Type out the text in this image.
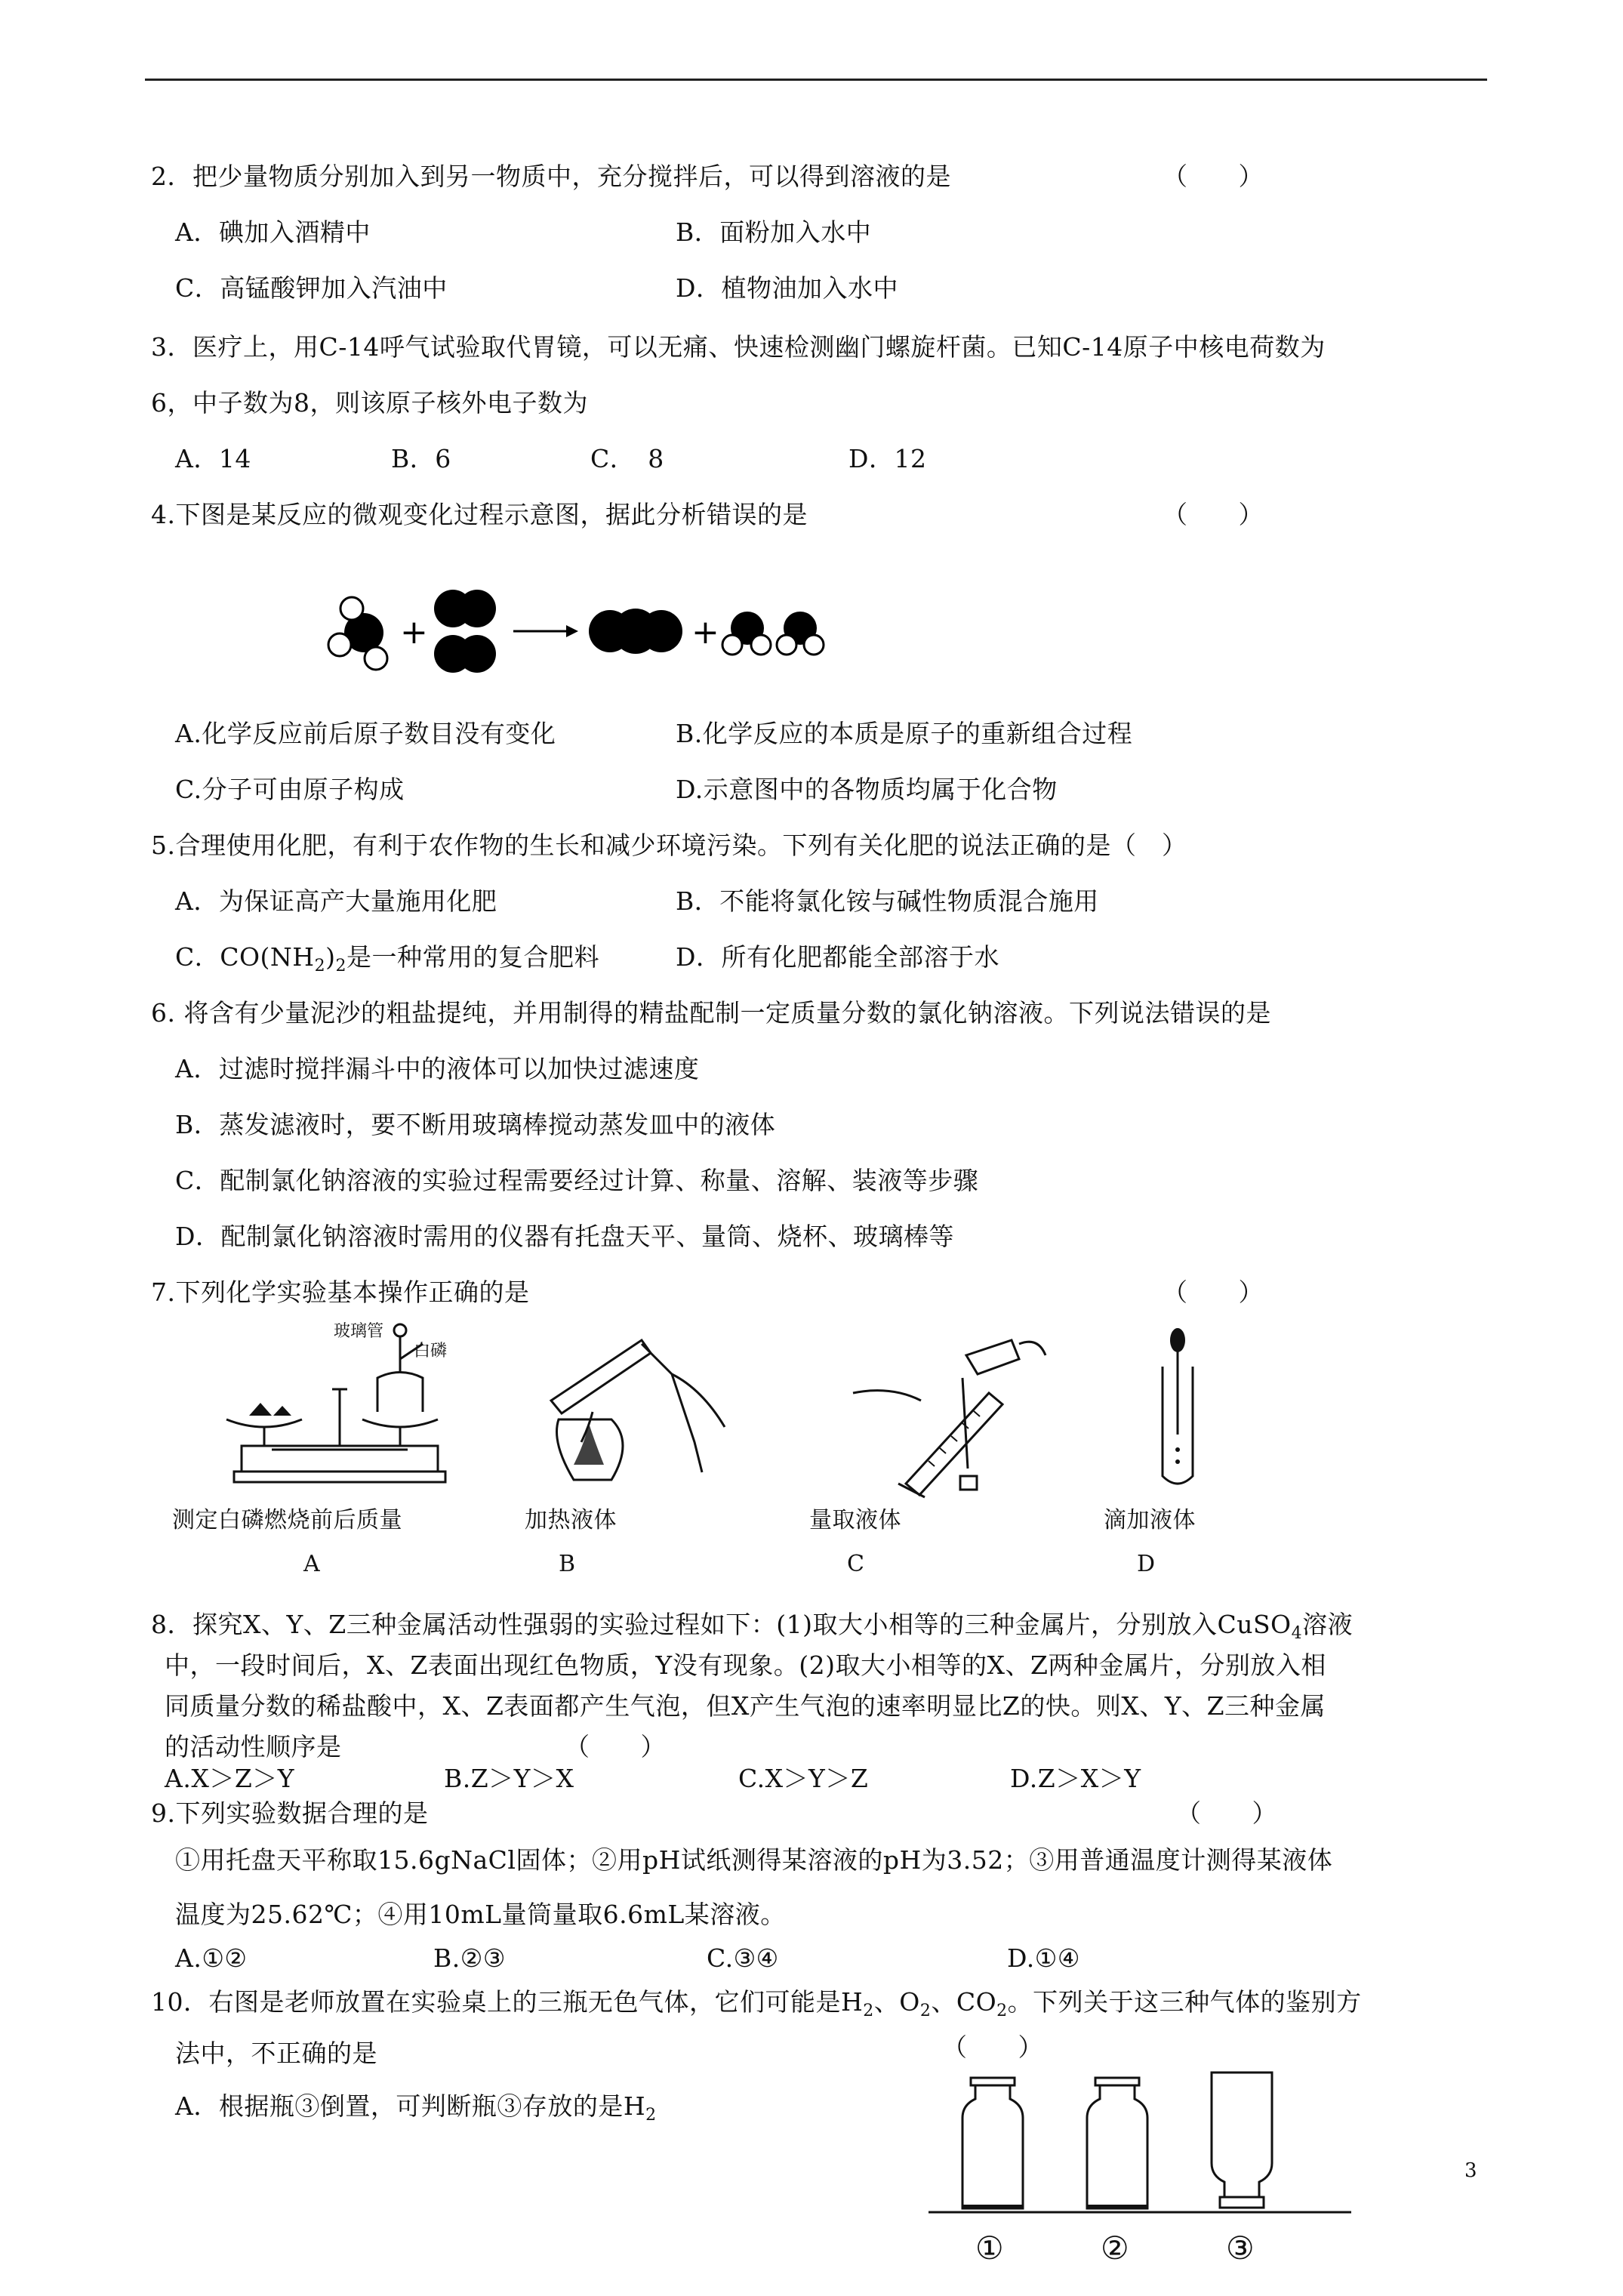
2．把少量物质分别加入到另一物质中，充分搅拌后，可以得到溶液的是	（　　）
A．碘加入酒精中	B．面粉加入水中
C．高锰酸钾加入汽油中	D．植物油加入水中
3．医疗上，用C-14呼气试验取代胃镜，可以无痛、快速检测幽门螺旋杆菌。已知C-14原子中核电荷数为
6，中子数为8，则该原子核外电子数为
A．14	B．6	C．　8	D．12
4.下图是某反应的微观变化过程示意图，据此分析错误的是	（　　）
+	+
A.化学反应前后原子数目没有变化	B.化学反应的本质是原子的重新组合过程
C.分子可由原子构成	D.示意图中的各物质均属于化合物
5.合理使用化肥，有利于农作物的生长和减少环境污染。下列有关化肥的说法正确的是（　）
A．为保证高产大量施用化肥	B．不能将氯化铵与碱性物质混合施用
C．$CO(NH_2)_2$是一种常用的复合肥料	D．所有化肥都能全部溶于水
6. 将含有少量泥沙的粗盐提纯，并用制得的精盐配制一定质量分数的氯化钠溶液。下列说法错误的是
A．过滤时搅拌漏斗中的液体可以加快过滤速度
B．蒸发滤液时，要不断用玻璃棒搅动蒸发皿中的液体
C．配制氯化钠溶液的实验过程需要经过计算、称量、溶解、装液等步骤
D．配制氯化钠溶液时需用的仪器有托盘天平、量筒、烧杯、玻璃棒等
7.下列化学实验基本操作正确的是	（　　）
玻璃管
白磷
测定白磷燃烧前后质量	加热液体	量取液体	滴加液体
A	B	C	D
8．探究X、Y、Z三种金属活动性强弱的实验过程如下：(1)取大小相等的三种金属片，分别放入CuSO$_4$溶液
中，一段时间后，X、Z表面出现红色物质，Y没有现象。(2)取大小相等的X、Z两种金属片，分别放入相
同质量分数的稀盐酸中，X、Z表面都产生气泡，但X产生气泡的速率明显比Z的快。则X、Y、Z三种金属
的活动性顺序是	（　　）
A.X＞Z＞Y	B.Z＞Y＞X	C.X＞Y＞Z	D.Z＞X＞Y
9.下列实验数据合理的是	（　　）
①用托盘天平称取15.6gNaCl固体；②用pH试纸测得某溶液的pH为3.52；③用普通温度计测得某液体
温度为25.62℃；④用10mL量筒量取6.6mL某溶液。
A.①②	B.②③	C.③④	D.①④
10．右图是老师放置在实验桌上的三瓶无色气体，它们可能是$H_2$、$O_2$、$CO_2$。下列关于这三种气体的鉴别方
法中，不正确的是	（　　）
A．根据瓶③倒置，可判断瓶③存放的是$H_2$
①	②	③
3
